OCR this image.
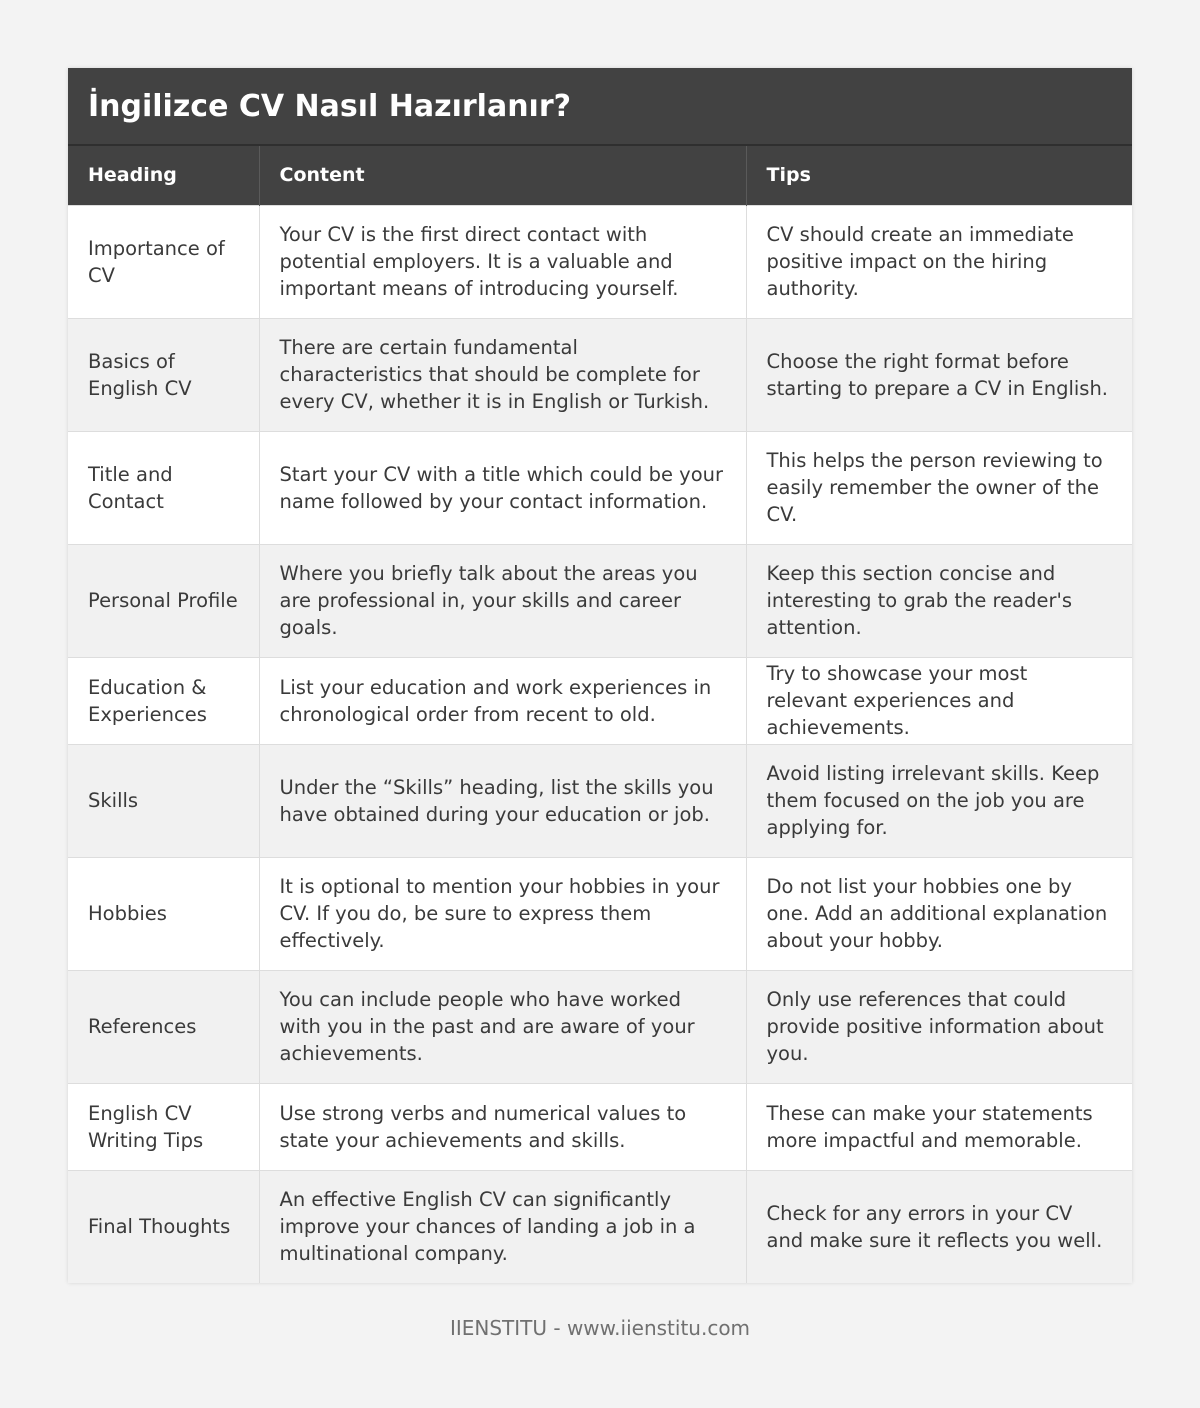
İngilizce CV Nasıl Hazırlanır?
Heading	Content	Tips
Importance of CV	Your CV is the first direct contact with potential employers. It is a valuable and important means of introducing yourself.	CV should create an immediate positive impact on the hiring authority.
Basics of English CV	There are certain fundamental characteristics that should be complete for every CV, whether it is in English or Turkish.	Choose the right format before starting to prepare a CV in English.
Title and Contact	Start your CV with a title which could be your name followed by your contact information.	This helps the person reviewing to easily remember the owner of the CV.
Personal Profile	Where you briefly talk about the areas you are professional in, your skills and career goals.	Keep this section concise and interesting to grab the reader's attention.
Education & Experiences	List your education and work experiences in chronological order from recent to old.	Try to showcase your most relevant experiences and achievements.
Skills	Under the “Skills” heading, list the skills you have obtained during your education or job.	Avoid listing irrelevant skills. Keep them focused on the job you are applying for.
Hobbies	It is optional to mention your hobbies in your CV. If you do, be sure to express them effectively.	Do not list your hobbies one by one. Add an additional explanation about your hobby.
References	You can include people who have worked with you in the past and are aware of your achievements.	Only use references that could provide positive information about you.
English CV Writing Tips	Use strong verbs and numerical values to state your achievements and skills.	These can make your statements more impactful and memorable.
Final Thoughts	An effective English CV can significantly improve your chances of landing a job in a multinational company.	Check for any errors in your CV and make sure it reflects you well.
IIENSTITU - www.iienstitu.com
